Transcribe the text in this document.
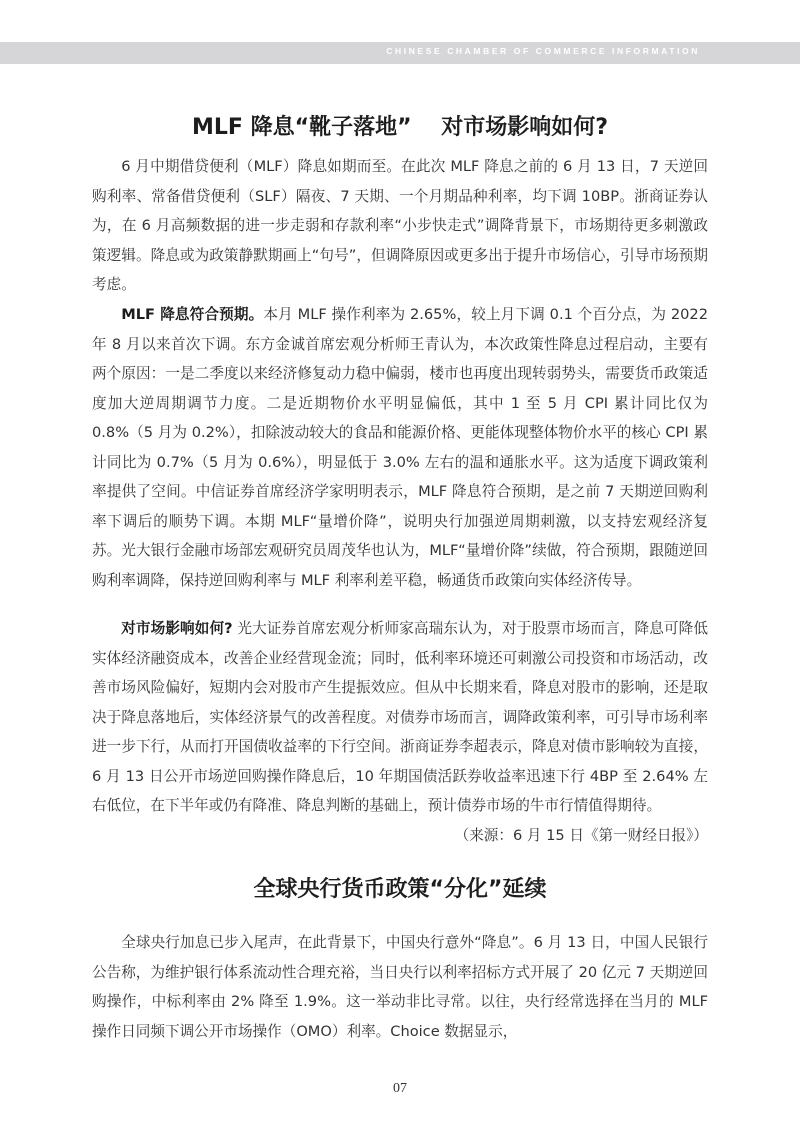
CHINESE CHAMBER OF COMMERCE INFORMATION
MLF 降息“靴子落地”　 对市场影响如何?

6 月中期借贷便利（MLF）降息如期而至。在此次 MLF 降息之前的 6 月 13 日，7 天逆回购利率、常备借贷便利（SLF）隔夜、7 天期、一个月期品种利率，均下调 10BP。浙商证券认为，在 6 月高频数据的进一步走弱和存款利率“小步快走式”调降背景下，市场期待更多刺激政策逻辑。降息或为政策静默期画上“句号”，但调降原因或更多出于提升市场信心，引导市场预期考虑。

MLF 降息符合预期。本月 MLF 操作利率为 2.65%，较上月下调 0.1 个百分点，为 2022 年 8 月以来首次下调。东方金诚首席宏观分析师王青认为，本次政策性降息过程启动，主要有两个原因：一是二季度以来经济修复动力稳中偏弱，楼市也再度出现转弱势头，需要货币政策适度加大逆周期调节力度。二是近期物价水平明显偏低，其中 1 至 5 月 CPI 累计同比仅为 0.8%（5 月为 0.2%），扣除波动较大的食品和能源价格、更能体现整体物价水平的核心 CPI 累计同比为 0.7%（5 月为 0.6%），明显低于 3.0% 左右的温和通胀水平。这为适度下调政策利率提供了空间。中信证券首席经济学家明明表示，MLF 降息符合预期，是之前 7 天期逆回购利率下调后的顺势下调。本期 MLF“量增价降”，说明央行加强逆周期刺激，以支持宏观经济复苏。光大银行金融市场部宏观研究员周茂华也认为，MLF“量增价降”续做，符合预期，跟随逆回购利率调降，保持逆回购利率与 MLF 利率利差平稳，畅通货币政策向实体经济传导。

对市场影响如何? 光大证券首席宏观分析师家高瑞东认为，对于股票市场而言，降息可降低实体经济融资成本，改善企业经营现金流；同时，低利率环境还可刺激公司投资和市场活动，改善市场风险偏好，短期内会对股市产生提振效应。但从中长期来看，降息对股市的影响，还是取决于降息落地后，实体经济景气的改善程度。对债券市场而言，调降政策利率，可引导市场利率进一步下行，从而打开国债收益率的下行空间。浙商证券李超表示，降息对债市影响较为直接，6 月 13 日公开市场逆回购操作降息后，10 年期国债活跃券收益率迅速下行 4BP 至 2.64% 左右低位，在下半年或仍有降准、降息判断的基础上，预计债券市场的牛市行情值得期待。
（来源：6 月 15 日《第一财经日报》）

全球央行货币政策“分化”延续

全球央行加息已步入尾声，在此背景下，中国央行意外“降息”。6 月 13 日，中国人民银行公告称，为维护银行体系流动性合理充裕，当日央行以利率招标方式开展了 20 亿元 7 天期逆回购操作，中标利率由 2% 降至 1.9%。这一举动非比寻常。以往，央行经常选择在当月的 MLF 操作日同频下调公开市场操作（OMO）利率。Choice 数据显示，

07
